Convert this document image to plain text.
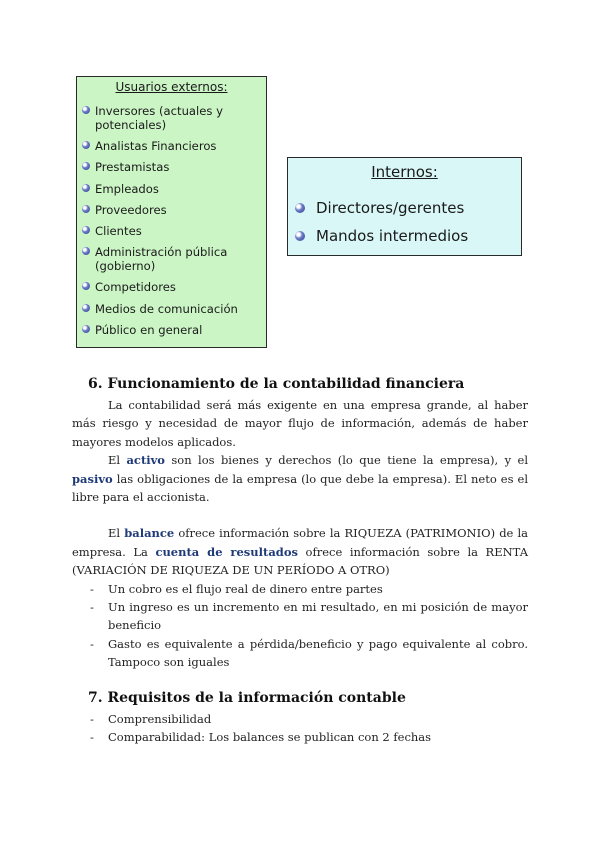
Usuarios externos:
Inversores (actuales y potenciales)
Analistas Financieros
Prestamistas
Empleados
Proveedores
Clientes
Administración pública (gobierno)
Competidores
Medios de comunicación
Público en general
Internos:
Directores/gerentes
Mandos intermedios
6. Funcionamiento de la contabilidad financiera

La contabilidad será más exigente en una empresa grande, al haber más riesgo y necesidad de mayor flujo de información, además de haber mayores modelos aplicados.

El activo son los bienes y derechos (lo que tiene la empresa), y el pasivo las obligaciones de la empresa (lo que debe la empresa). El neto es el libre para el accionista.

El balance ofrece información sobre la RIQUEZA (PATRIMONIO) de la empresa. La cuenta de resultados ofrece información sobre la RENTA (VARIACIÓN DE RIQUEZA DE UN PERÍODO A OTRO)

- Un cobro es el flujo real de dinero entre partes
- Un ingreso es un incremento en mi resultado, en mi posición de mayor beneficio
- Gasto es equivalente a pérdida/beneficio y pago equivalente al cobro. Tampoco son iguales
7. Requisitos de la información contable
- Comprensibilidad
- Comparabilidad: Los balances se publican con 2 fechas
